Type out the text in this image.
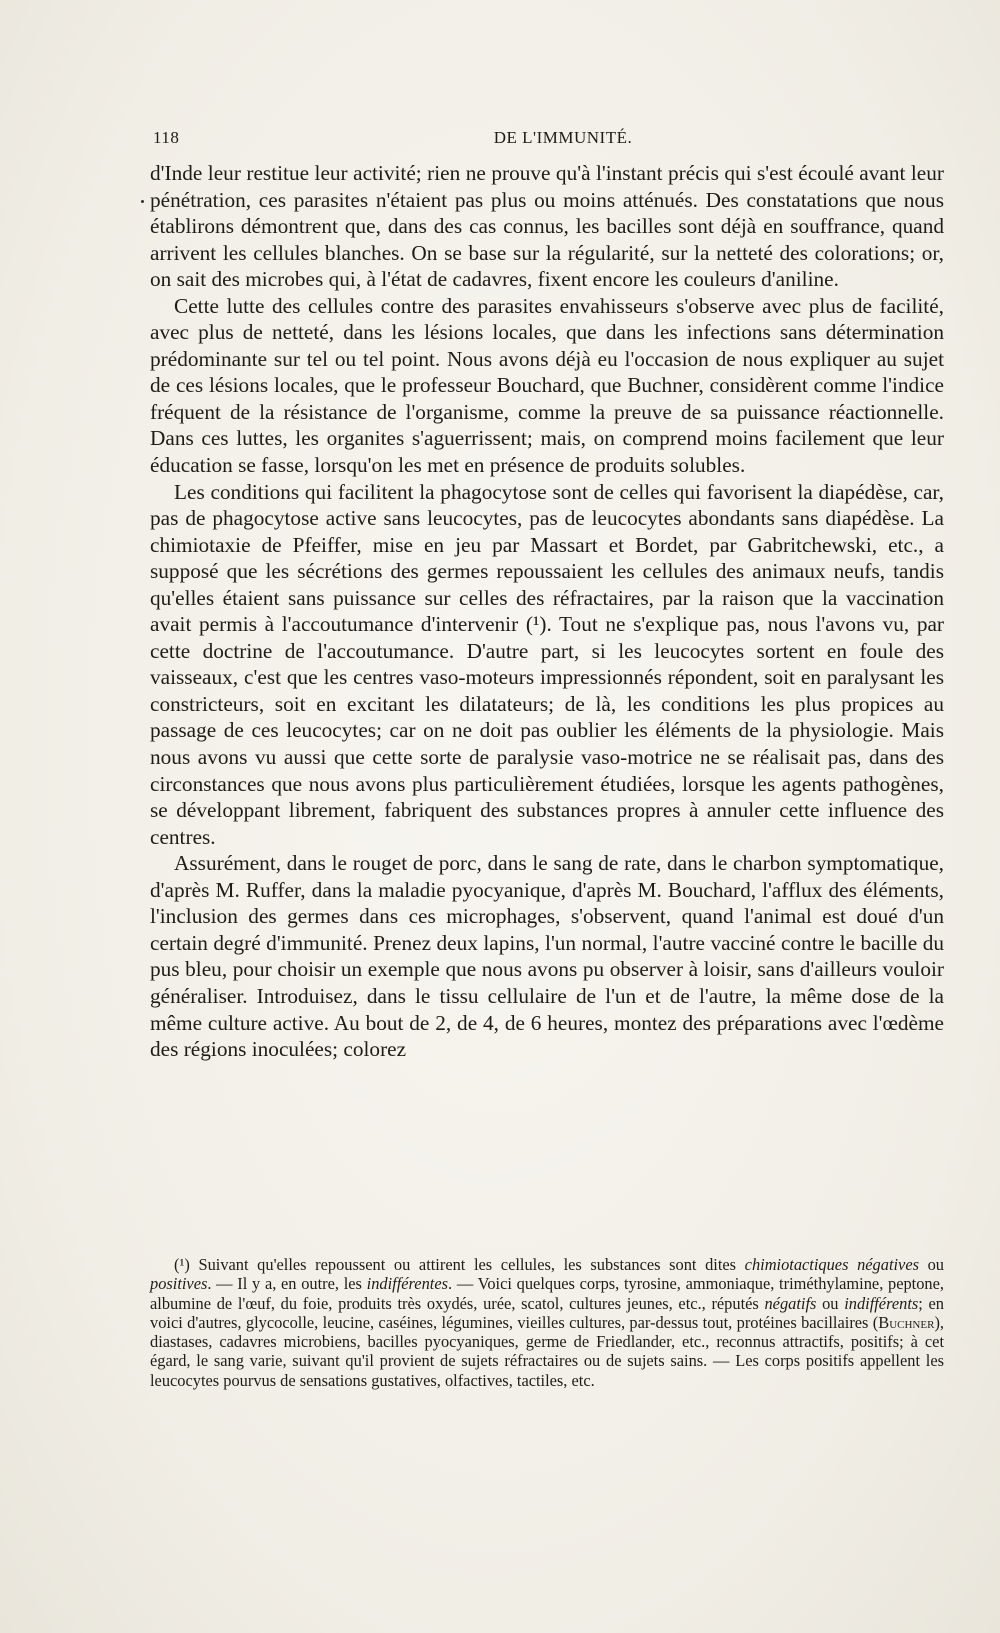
118	DE L'IMMUNITÉ.

d'Inde leur restitue leur activité; rien ne prouve qu'à l'instant précis qui s'est écoulé avant leur pénétration, ces parasites n'étaient pas plus ou moins atténués. Des constatations que nous établirons démontrent que, dans des cas connus, les bacilles sont déjà en souffrance, quand arrivent les cellules blanches. On se base sur la régularité, sur la netteté des colorations; or, on sait des microbes qui, à l'état de cadavres, fixent encore les couleurs d'aniline.

Cette lutte des cellules contre des parasites envahisseurs s'observe avec plus de facilité, avec plus de netteté, dans les lésions locales, que dans les infections sans détermination prédominante sur tel ou tel point. Nous avons déjà eu l'occasion de nous expliquer au sujet de ces lésions locales, que le professeur Bouchard, que Buchner, considèrent comme l'indice fréquent de la résistance de l'organisme, comme la preuve de sa puissance réactionnelle. Dans ces luttes, les organites s'aguerrissent; mais, on comprend moins facilement que leur éducation se fasse, lorsqu'on les met en présence de produits solubles.

Les conditions qui facilitent la phagocytose sont de celles qui favorisent la diapédèse, car, pas de phagocytose active sans leucocytes, pas de leucocytes abondants sans diapédèse. La chimiotaxie de Pfeiffer, mise en jeu par Massart et Bordet, par Gabritchewski, etc., a supposé que les sécrétions des germes repoussaient les cellules des animaux neufs, tandis qu'elles étaient sans puissance sur celles des réfractaires, par la raison que la vaccination avait permis à l'accoutumance d'intervenir (¹). Tout ne s'explique pas, nous l'avons vu, par cette doctrine de l'accoutumance. D'autre part, si les leucocytes sortent en foule des vaisseaux, c'est que les centres vaso-moteurs impressionnés répondent, soit en paralysant les constricteurs, soit en excitant les dilatateurs; de là, les conditions les plus propices au passage de ces leucocytes; car on ne doit pas oublier les éléments de la physiologie. Mais nous avons vu aussi que cette sorte de paralysie vaso-motrice ne se réalisait pas, dans des circonstances que nous avons plus particulièrement étudiées, lorsque les agents pathogènes, se développant librement, fabriquent des substances propres à annuler cette influence des centres.

Assurément, dans le rouget de porc, dans le sang de rate, dans le charbon symptomatique, d'après M. Ruffer, dans la maladie pyocyanique, d'après M. Bouchard, l'afflux des éléments, l'inclusion des germes dans ces microphages, s'observent, quand l'animal est doué d'un certain degré d'immunité. Prenez deux lapins, l'un normal, l'autre vacciné contre le bacille du pus bleu, pour choisir un exemple que nous avons pu observer à loisir, sans d'ailleurs vouloir généraliser. Introduisez, dans le tissu cellulaire de l'un et de l'autre, la même dose de la même culture active. Au bout de 2, de 4, de 6 heures, montez des préparations avec l'œdème des régions inoculées; colorez

(¹) Suivant qu'elles repoussent ou attirent les cellules, les substances sont dites chimiotactiques négatives ou positives. — Il y a, en outre, les indifférentes. — Voici quelques corps, tyrosine, ammoniaque, triméthylamine, peptone, albumine de l'œuf, du foie, produits très oxydés, urée, scatol, cultures jeunes, etc., réputés négatifs ou indifférents; en voici d'autres, glycocolle, leucine, caséines, légumines, vieilles cultures, par-dessus tout, protéines bacillaires (Buchner), diastases, cadavres microbiens, bacilles pyocyaniques, germe de Friedlander, etc., reconnus attractifs, positifs; à cet égard, le sang varie, suivant qu'il provient de sujets réfractaires ou de sujets sains. — Les corps positifs appellent les leucocytes pourvus de sensations gustatives, olfactives, tactiles, etc.
